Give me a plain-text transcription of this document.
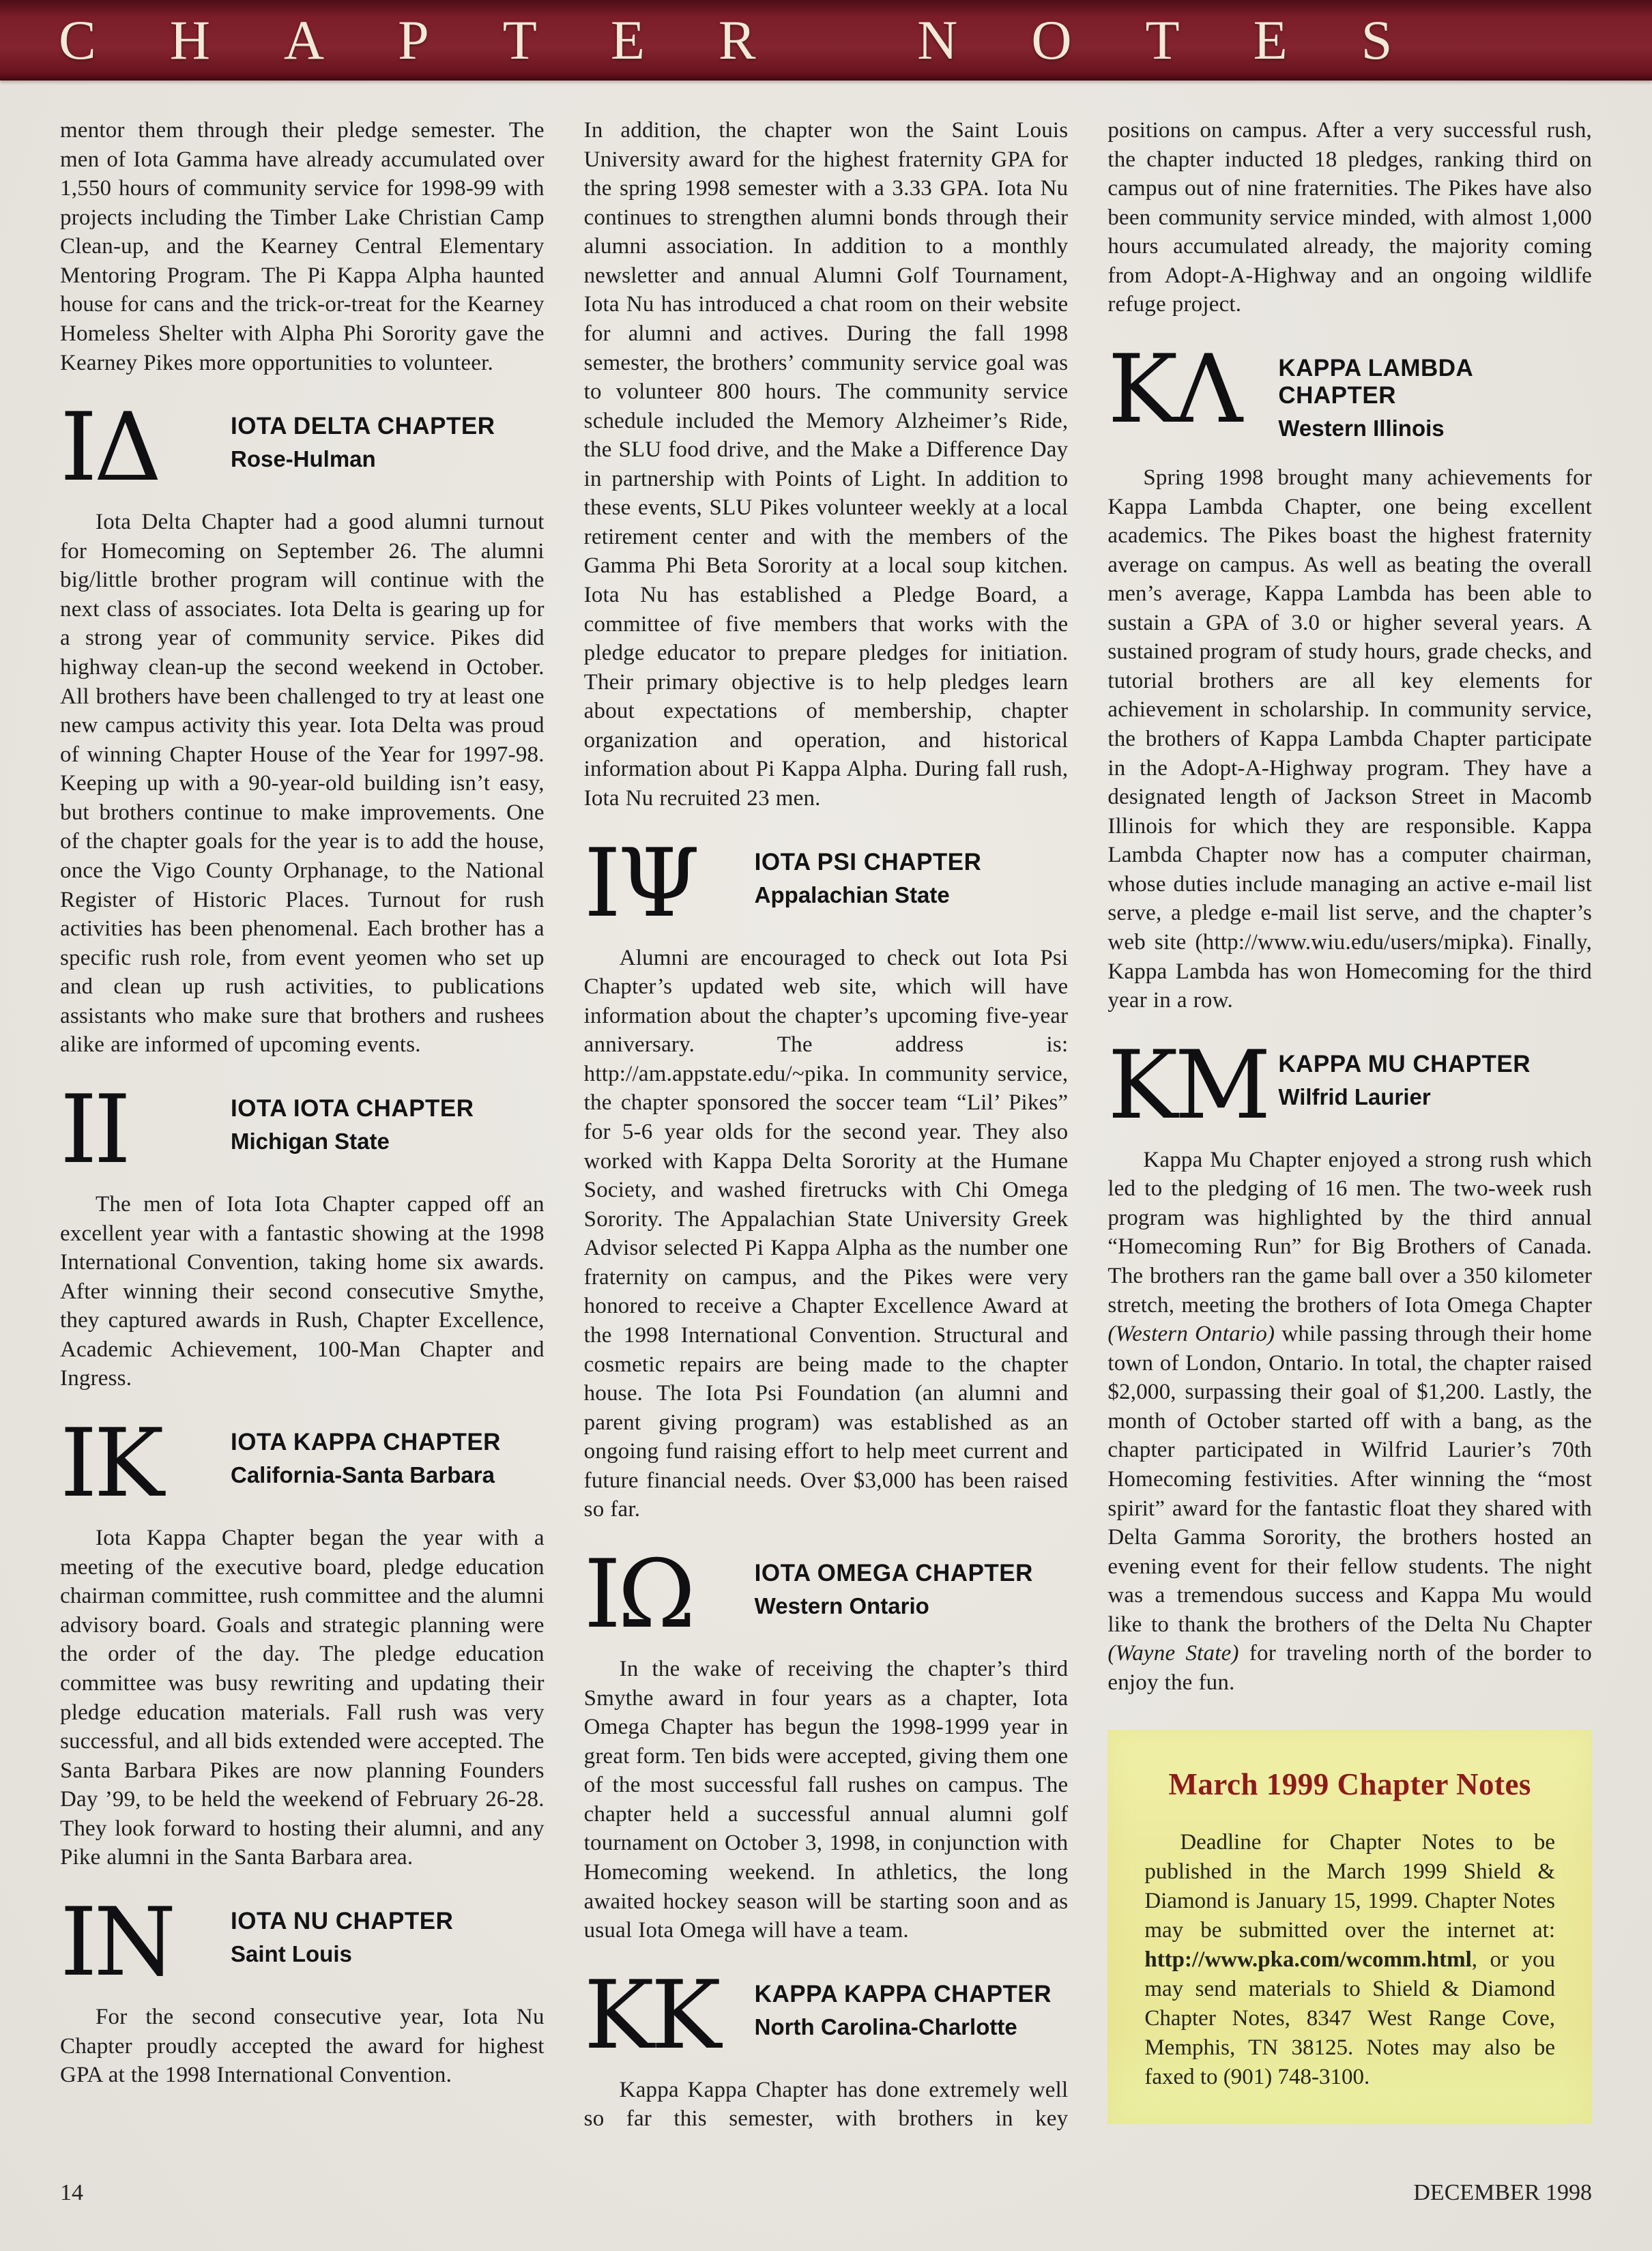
CHAPTER NOTES

mentor them through their pledge semester. The men of Iota Gamma have already accumulated over 1,550 hours of community service for 1998-99 with projects including the Timber Lake Christian Camp Clean-up, and the Kearney Central Elementary Mentoring Program. The Pi Kappa Alpha haunted house for cans and the trick-or-treat for the Kearney Homeless Shelter with Alpha Phi Sorority gave the Kearney Pikes more opportunities to volunteer.

ΙΔ	IOTA DELTA CHAPTER
Rose-Hulman

Iota Delta Chapter had a good alumni turnout for Homecoming on September 26. The alumni big/little brother program will continue with the next class of associates. Iota Delta is gearing up for a strong year of community service. Pikes did highway clean-up the second weekend in October. All brothers have been challenged to try at least one new campus activity this year. Iota Delta was proud of winning Chapter House of the Year for 1997-98. Keeping up with a 90-year-old building isn’t easy, but brothers continue to make improvements. One of the chapter goals for the year is to add the house, once the Vigo County Orphanage, to the National Register of Historic Places. Turnout for rush activities has been phenomenal. Each brother has a specific rush role, from event yeomen who set up and clean up rush activities, to publications assistants who make sure that brothers and rushees alike are informed of upcoming events.

ΙΙ	IOTA IOTA CHAPTER
Michigan State

The men of Iota Iota Chapter capped off an excellent year with a fantastic showing at the 1998 International Convention, taking home six awards. After winning their second consecutive Smythe, they captured awards in Rush, Chapter Excellence, Academic Achievement, 100-Man Chapter and Ingress.

ΙΚ	IOTA KAPPA CHAPTER
California-Santa Barbara

Iota Kappa Chapter began the year with a meeting of the executive board, pledge education chairman committee, rush committee and the alumni advisory board. Goals and strategic planning were the order of the day. The pledge education committee was busy rewriting and updating their pledge education materials. Fall rush was very successful, and all bids extended were accepted. The Santa Barbara Pikes are now planning Founders Day ’99, to be held the weekend of February 26-28. They look forward to hosting their alumni, and any Pike alumni in the Santa Barbara area.

ΙΝ	IOTA NU CHAPTER
Saint Louis

For the second consecutive year, Iota Nu Chapter proudly accepted the award for highest GPA at the 1998 International Convention.

In addition, the chapter won the Saint Louis University award for the highest fraternity GPA for the spring 1998 semester with a 3.33 GPA. Iota Nu continues to strengthen alumni bonds through their alumni association. In addition to a monthly newsletter and annual Alumni Golf Tournament, Iota Nu has introduced a chat room on their website for alumni and actives. During the fall 1998 semester, the brothers’ community service goal was to volunteer 800 hours. The community service schedule included the Memory Alzheimer’s Ride, the SLU food drive, and the Make a Difference Day in partnership with Points of Light. In addition to these events, SLU Pikes volunteer weekly at a local retirement center and with the members of the Gamma Phi Beta Sorority at a local soup kitchen. Iota Nu has established a Pledge Board, a committee of five members that works with the pledge educator to prepare pledges for initiation. Their primary objective is to help pledges learn about expectations of membership, chapter organization and operation, and historical information about Pi Kappa Alpha. During fall rush, Iota Nu recruited 23 men.

ΙΨ	IOTA PSI CHAPTER
Appalachian State

Alumni are encouraged to check out Iota Psi Chapter’s updated web site, which will have information about the chapter’s upcoming five-year anniversary. The address is: http://am.appstate.edu/~pika. In community service, the chapter sponsored the soccer team “Lil’ Pikes” for 5-6 year olds for the second year. They also worked with Kappa Delta Sorority at the Humane Society, and washed firetrucks with Chi Omega Sorority. The Appalachian State University Greek Advisor selected Pi Kappa Alpha as the number one fraternity on campus, and the Pikes were very honored to receive a Chapter Excellence Award at the 1998 International Convention. Structural and cosmetic repairs are being made to the chapter house. The Iota Psi Foundation (an alumni and parent giving program) was established as an ongoing fund raising effort to help meet current and future financial needs. Over $3,000 has been raised so far.

ΙΩ	IOTA OMEGA CHAPTER
Western Ontario

In the wake of receiving the chapter’s third Smythe award in four years as a chapter, Iota Omega Chapter has begun the 1998-1999 year in great form. Ten bids were accepted, giving them one of the most successful fall rushes on campus. The chapter held a successful annual alumni golf tournament on October 3, 1998, in conjunction with Homecoming weekend. In athletics, the long awaited hockey season will be starting soon and as usual Iota Omega will have a team.

ΚΚ	KAPPA KAPPA CHAPTER
North Carolina-Charlotte

Kappa Kappa Chapter has done extremely well so far this semester, with brothers in key

positions on campus. After a very successful rush, the chapter inducted 18 pledges, ranking third on campus out of nine fraternities. The Pikes have also been community service minded, with almost 1,000 hours accumulated already, the majority coming from Adopt-A-Highway and an ongoing wildlife refuge project.

ΚΛ	KAPPA LAMBDA CHAPTER
Western Illinois

Spring 1998 brought many achievements for Kappa Lambda Chapter, one being excellent academics. The Pikes boast the highest fraternity average on campus. As well as beating the overall men’s average, Kappa Lambda has been able to sustain a GPA of 3.0 or higher several years. A sustained program of study hours, grade checks, and tutorial brothers are all key elements for achievement in scholarship. In community service, the brothers of Kappa Lambda Chapter participate in the Adopt-A-Highway program. They have a designated length of Jackson Street in Macomb Illinois for which they are responsible. Kappa Lambda Chapter now has a computer chairman, whose duties include managing an active e-mail list serve, a pledge e-mail list serve, and the chapter’s web site (http://www.wiu.edu/users/mipka). Finally, Kappa Lambda has won Homecoming for the third year in a row.

ΚΜ KAPPA MU CHAPTER
Wilfrid Laurier

Kappa Mu Chapter enjoyed a strong rush which led to the pledging of 16 men. The two-week rush program was highlighted by the third annual “Homecoming Run” for Big Brothers of Canada. The brothers ran the game ball over a 350 kilometer stretch, meeting the brothers of Iota Omega Chapter (Western Ontario) while passing through their home town of London, Ontario. In total, the chapter raised $2,000, surpassing their goal of $1,200. Lastly, the month of October started off with a bang, as the chapter participated in Wilfrid Laurier’s 70th Homecoming festivities. After winning the “most spirit” award for the fantastic float they shared with Delta Gamma Sorority, the brothers hosted an evening event for their fellow students. The night was a tremendous success and Kappa Mu would like to thank the brothers of the Delta Nu Chapter (Wayne State) for traveling north of the border to enjoy the fun.

March 1999 Chapter Notes

Deadline for Chapter Notes to be published in the March 1999 Shield & Diamond is January 15, 1999. Chapter Notes may be submitted over the internet at: http://www.pka.com/wcomm.html, or you may send materials to Shield & Diamond Chapter Notes, 8347 West Range Cove, Memphis, TN 38125. Notes may also be faxed to (901) 748-3100.

14	DECEMBER 1998
